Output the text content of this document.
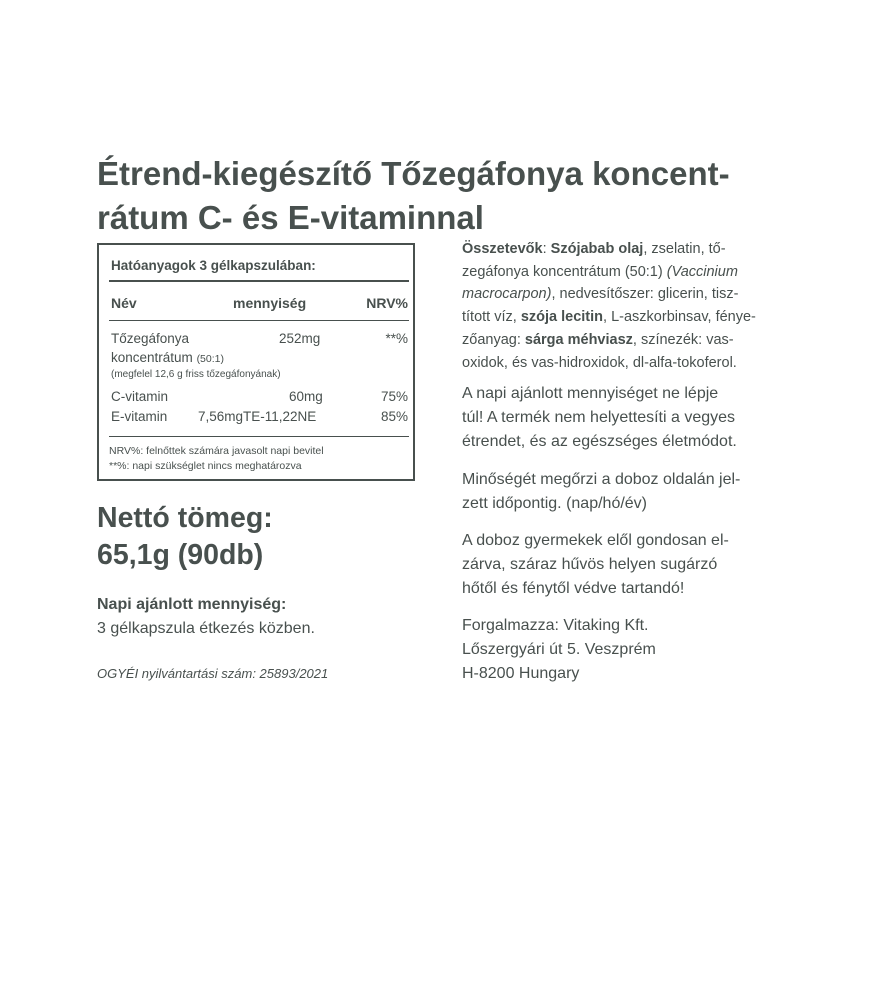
Étrend-kiegészítő Tőzegáfonya koncent-
rátum C- és E-vitaminnal
Hatóanyagok 3 gélkapszulában:
Név	mennyiség	NRV%
Tőzegáfonya	252mg	**%
koncentrátum (50:1)
(megfelel 12,6 g friss tőzegáfonyának)
C-vitamin	60mg	75%
E-vitamin 7,56mgTE-11,22NE	85%
NRV%: felnőttek számára javasolt napi bevitel
**%: napi szükséglet nincs meghatározva
Nettó tömeg:
65,1g (90db)
Napi ajánlott mennyiség:
3 gélkapszula étkezés közben.
OGYÉI nyilvántartási szám: 25893/2021

Összetevők: Szójabab olaj, zselatin, tő-
zegáfonya koncentrátum (50:1) (Vaccinium
macrocarpon), nedvesítőszer: glicerin, tisz-
tított víz, szója lecitin, L-aszkorbinsav, fénye-
zőanyag: sárga méhviasz, színezék: vas-
oxidok, és vas-hidroxidok, dl-alfa-tokoferol.

A napi ajánlott mennyiséget ne lépje
túl! A termék nem helyettesíti a vegyes
étrendet, és az egészséges életmódot.

Minőségét megőrzi a doboz oldalán jel-
zett időpontig. (nap/hó/év)

A doboz gyermekek elől gondosan el-
zárva, száraz hűvös helyen sugárzó
hőtől és fénytől védve tartandó!

Forgalmazza: Vitaking Kft.
Lőszergyári út 5. Veszprém
H-8200 Hungary
